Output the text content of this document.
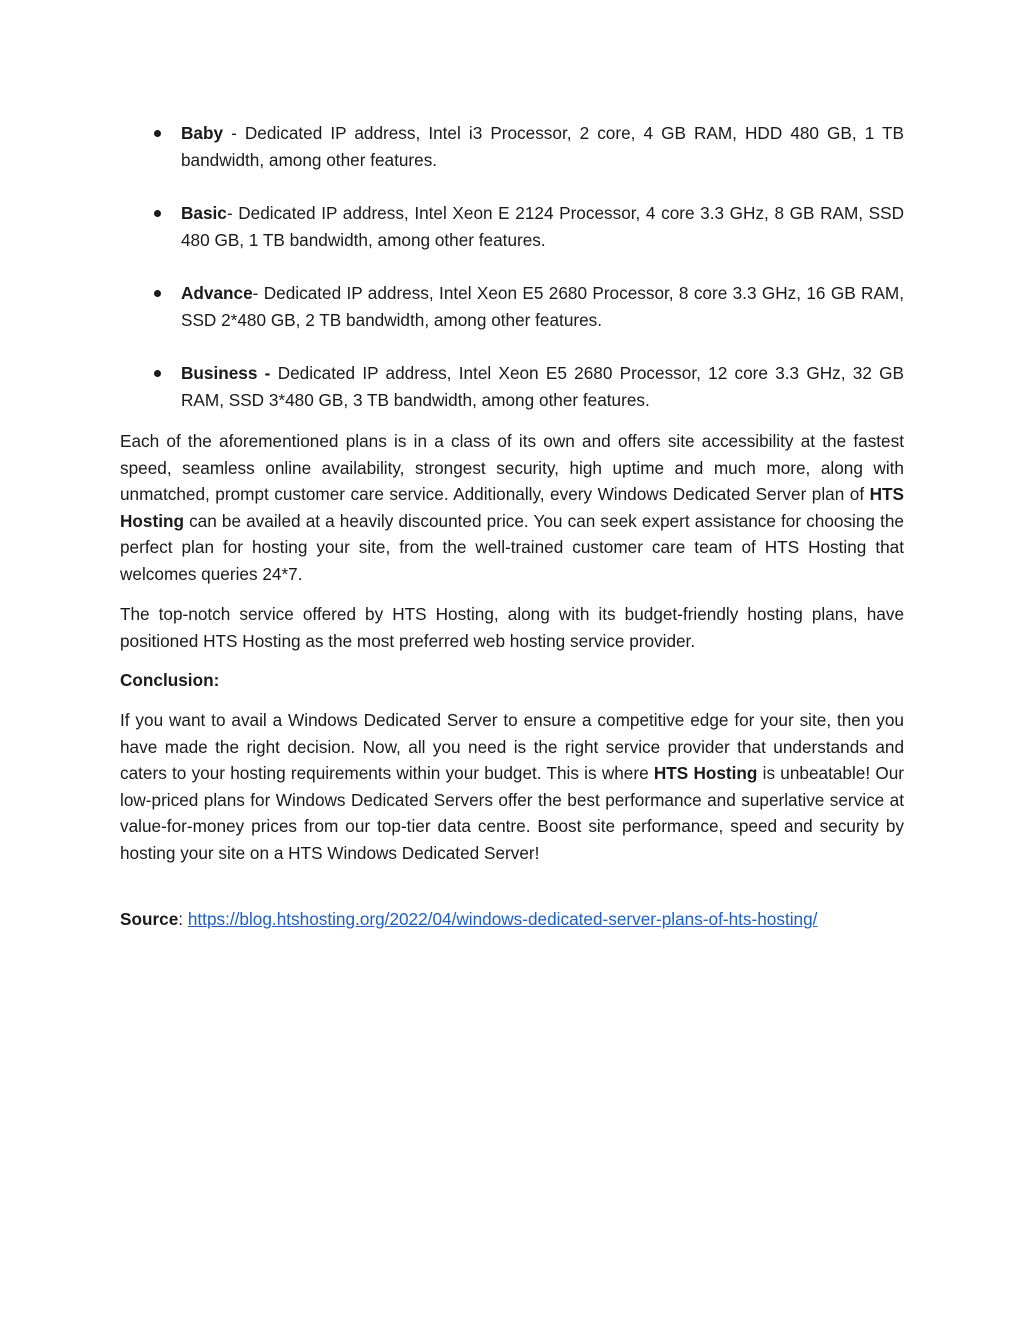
Baby - Dedicated IP address, Intel i3 Processor, 2 core, 4 GB RAM, HDD 480 GB, 1 TB bandwidth, among other features.
Basic- Dedicated IP address, Intel Xeon E 2124 Processor, 4 core 3.3 GHz, 8 GB RAM, SSD 480 GB, 1 TB bandwidth, among other features.
Advance- Dedicated IP address, Intel Xeon E5 2680 Processor, 8 core 3.3 GHz, 16 GB RAM, SSD 2*480 GB, 2 TB bandwidth, among other features.
Business - Dedicated IP address, Intel Xeon E5 2680 Processor, 12 core 3.3 GHz, 32 GB RAM, SSD 3*480 GB, 3 TB bandwidth, among other features.

Each of the aforementioned plans is in a class of its own and offers site accessibility at the fastest speed, seamless online availability, strongest security, high uptime and much more, along with unmatched, prompt customer care service. Additionally, every Windows Dedicated Server plan of HTS Hosting can be availed at a heavily discounted price. You can seek expert assistance for choosing the perfect plan for hosting your site, from the well-trained customer care team of HTS Hosting that welcomes queries 24*7.

The top-notch service offered by HTS Hosting, along with its budget-friendly hosting plans, have positioned HTS Hosting as the most preferred web hosting service provider.

Conclusion:

If you want to avail a Windows Dedicated Server to ensure a competitive edge for your site, then you have made the right decision. Now, all you need is the right service provider that understands and caters to your hosting requirements within your budget. This is where HTS Hosting is unbeatable! Our low-priced plans for Windows Dedicated Servers offer the best performance and superlative service at value-for-money prices from our top-tier data centre. Boost site performance, speed and security by hosting your site on a HTS Windows Dedicated Server!

Source: https://blog.htshosting.org/2022/04/windows-dedicated-server-plans-of-hts-hosting/
